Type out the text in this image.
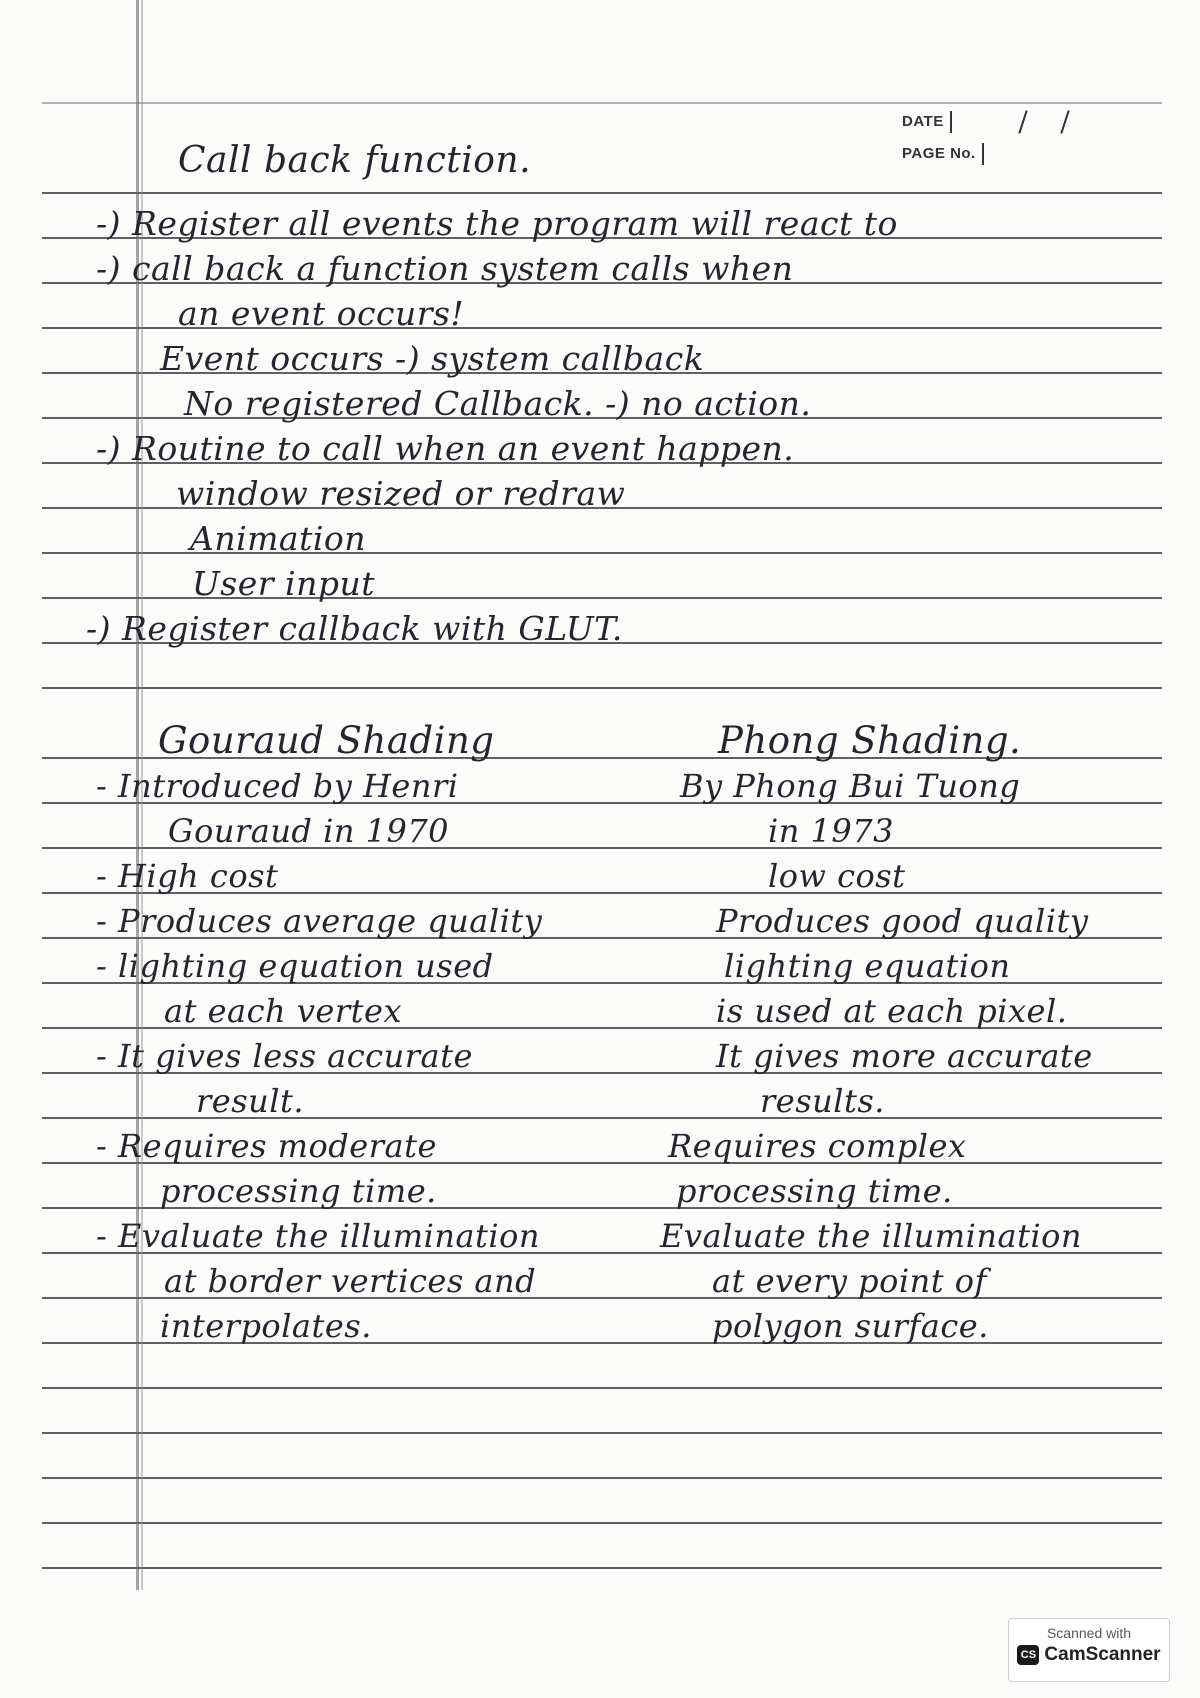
DATE
PAGE No.
Call back function.
-) Register all events the program will react to
-) call back a function system calls when
an event occurs!
Event occurs -) system callback
No registered Callback. -) no action.
-) Routine to call when an event happen.
window resized or redraw
Animation
User input
-) Register callback with GLUT.
Gouraud Shading	Phong Shading.
- Introduced by Henri
Gouraud in 1970
- High cost
- Produces average quality
- lighting equation used
at each vertex
- It gives less accurate
result.
- Requires moderate
processing time.
- Evaluate the illumination
at border vertices and
interpolates.
By Phong Bui Tuong
in 1973
low cost
Produces good quality
lighting equation
is used at each pixel.
It gives more accurate
results.
Requires complex
processing time.
Evaluate the illumination
at every point of
polygon surface.
Scanned with
CS CamScanner
